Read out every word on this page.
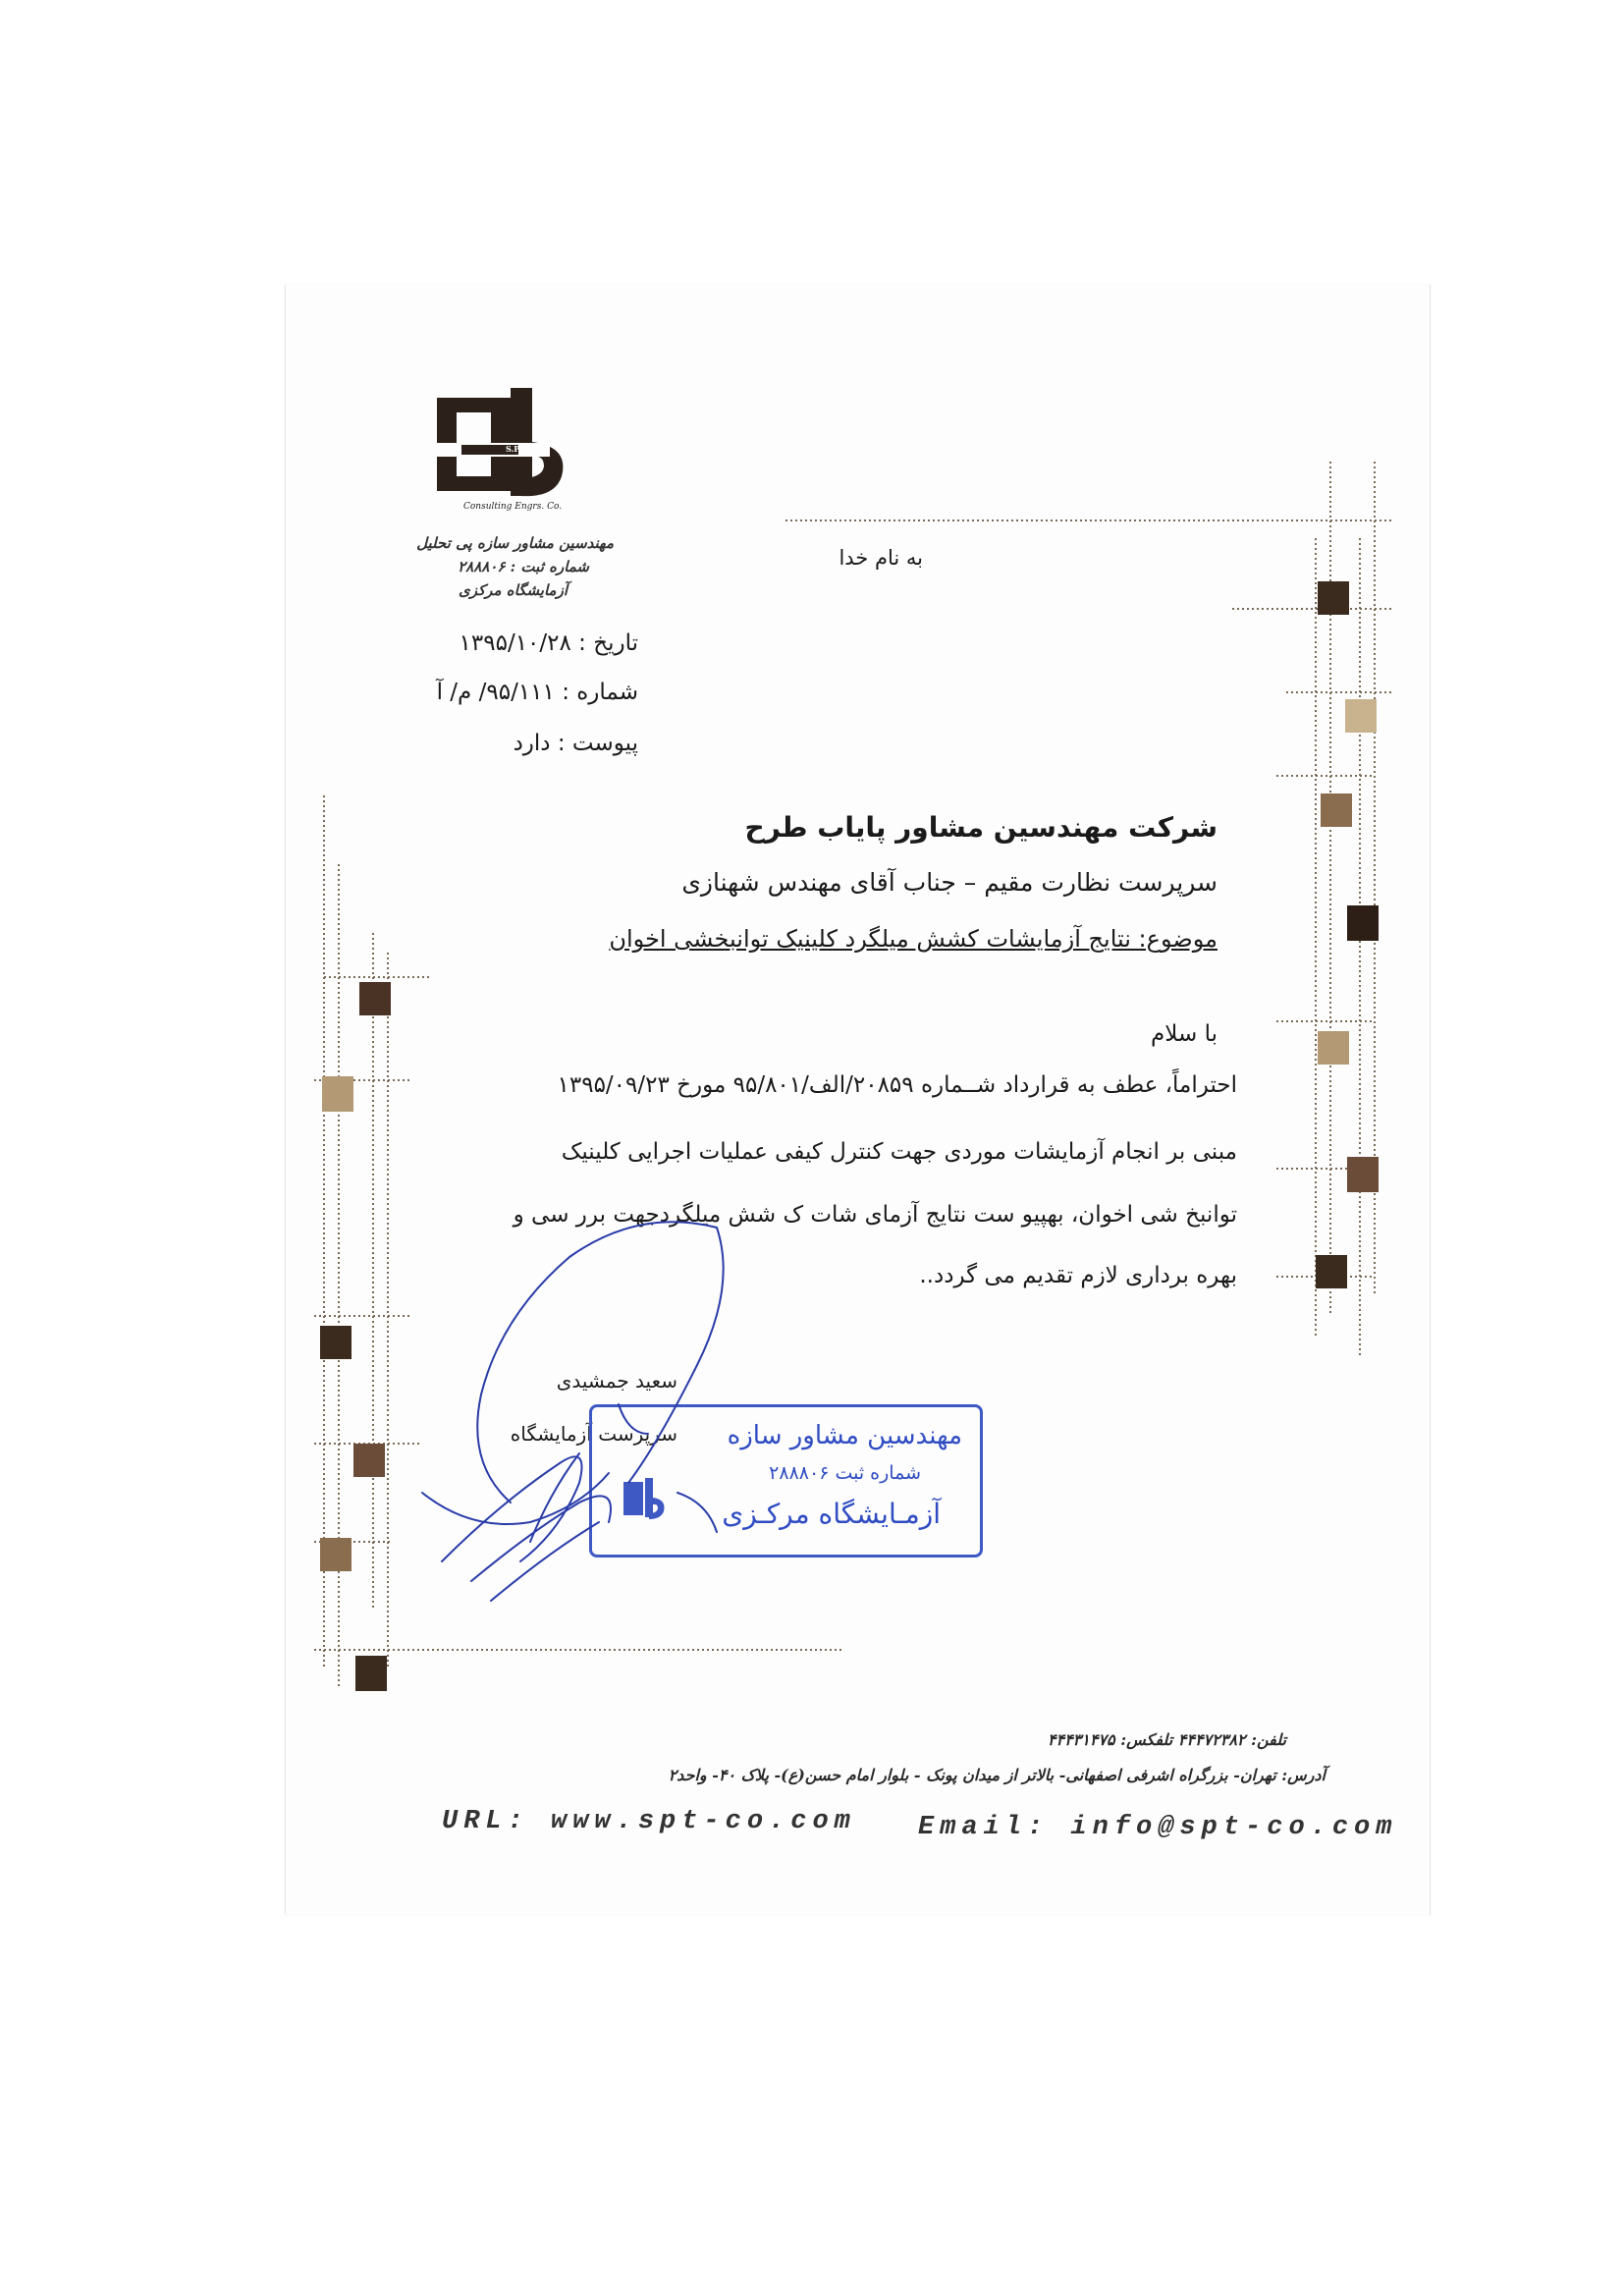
S.P.T
Consulting Engrs. Co.
مهندسین مشاور سازه پی تحلیل
شماره ثبت : ۲۸۸۸۰۶
آزمایشگاه مرکزی
تاریخ : ۱۳۹۵/۱۰/۲۸
شماره : ۹۵/۱۱۱/ م/ آ
پیوست : دارد
به نام خدا
شرکت مهندسین مشاور پایاب طرح
سرپرست نظارت مقیم – جناب آقای مهندس شهنازی
موضوع: نتایج آزمایشات کشش میلگرد کلینیک توانبخشی اخوان
با سلام
احتراماً، عطف به قرارداد شــماره ۲۰۸۵۹/الف/۹۵/۸۰۱ مورخ ۱۳۹۵/۰۹/۲۳
مبنی بر انجام آزمایشات موردی جهت کنترل کیفی عملیات اجرایی کلینیک
توانبخ شی اخوان، بهپیو ست نتایج آزمای شات ک شش میلگردجهت برر سی و
بهره برداری لازم تقدیم می گردد..
سعید جمشیدی
سرپرست آزمایشگاه مهندسین مشاور سازه
شماره ثبت ۲۸۸۸۰۶
آزمـایشگاه مرکـزی
تلفن: ۴۴۴۷۲۳۸۲ تلفکس: ۴۴۴۳۱۴۷۵
آدرس: تهران- بزرگراه اشرفی اصفهانی- بالاتر از میدان پونک - بلوار امام حسن(ع)- پلاک ۴۰- واحد۲
URL: www.spt-co.com Email: info@spt-co.com
